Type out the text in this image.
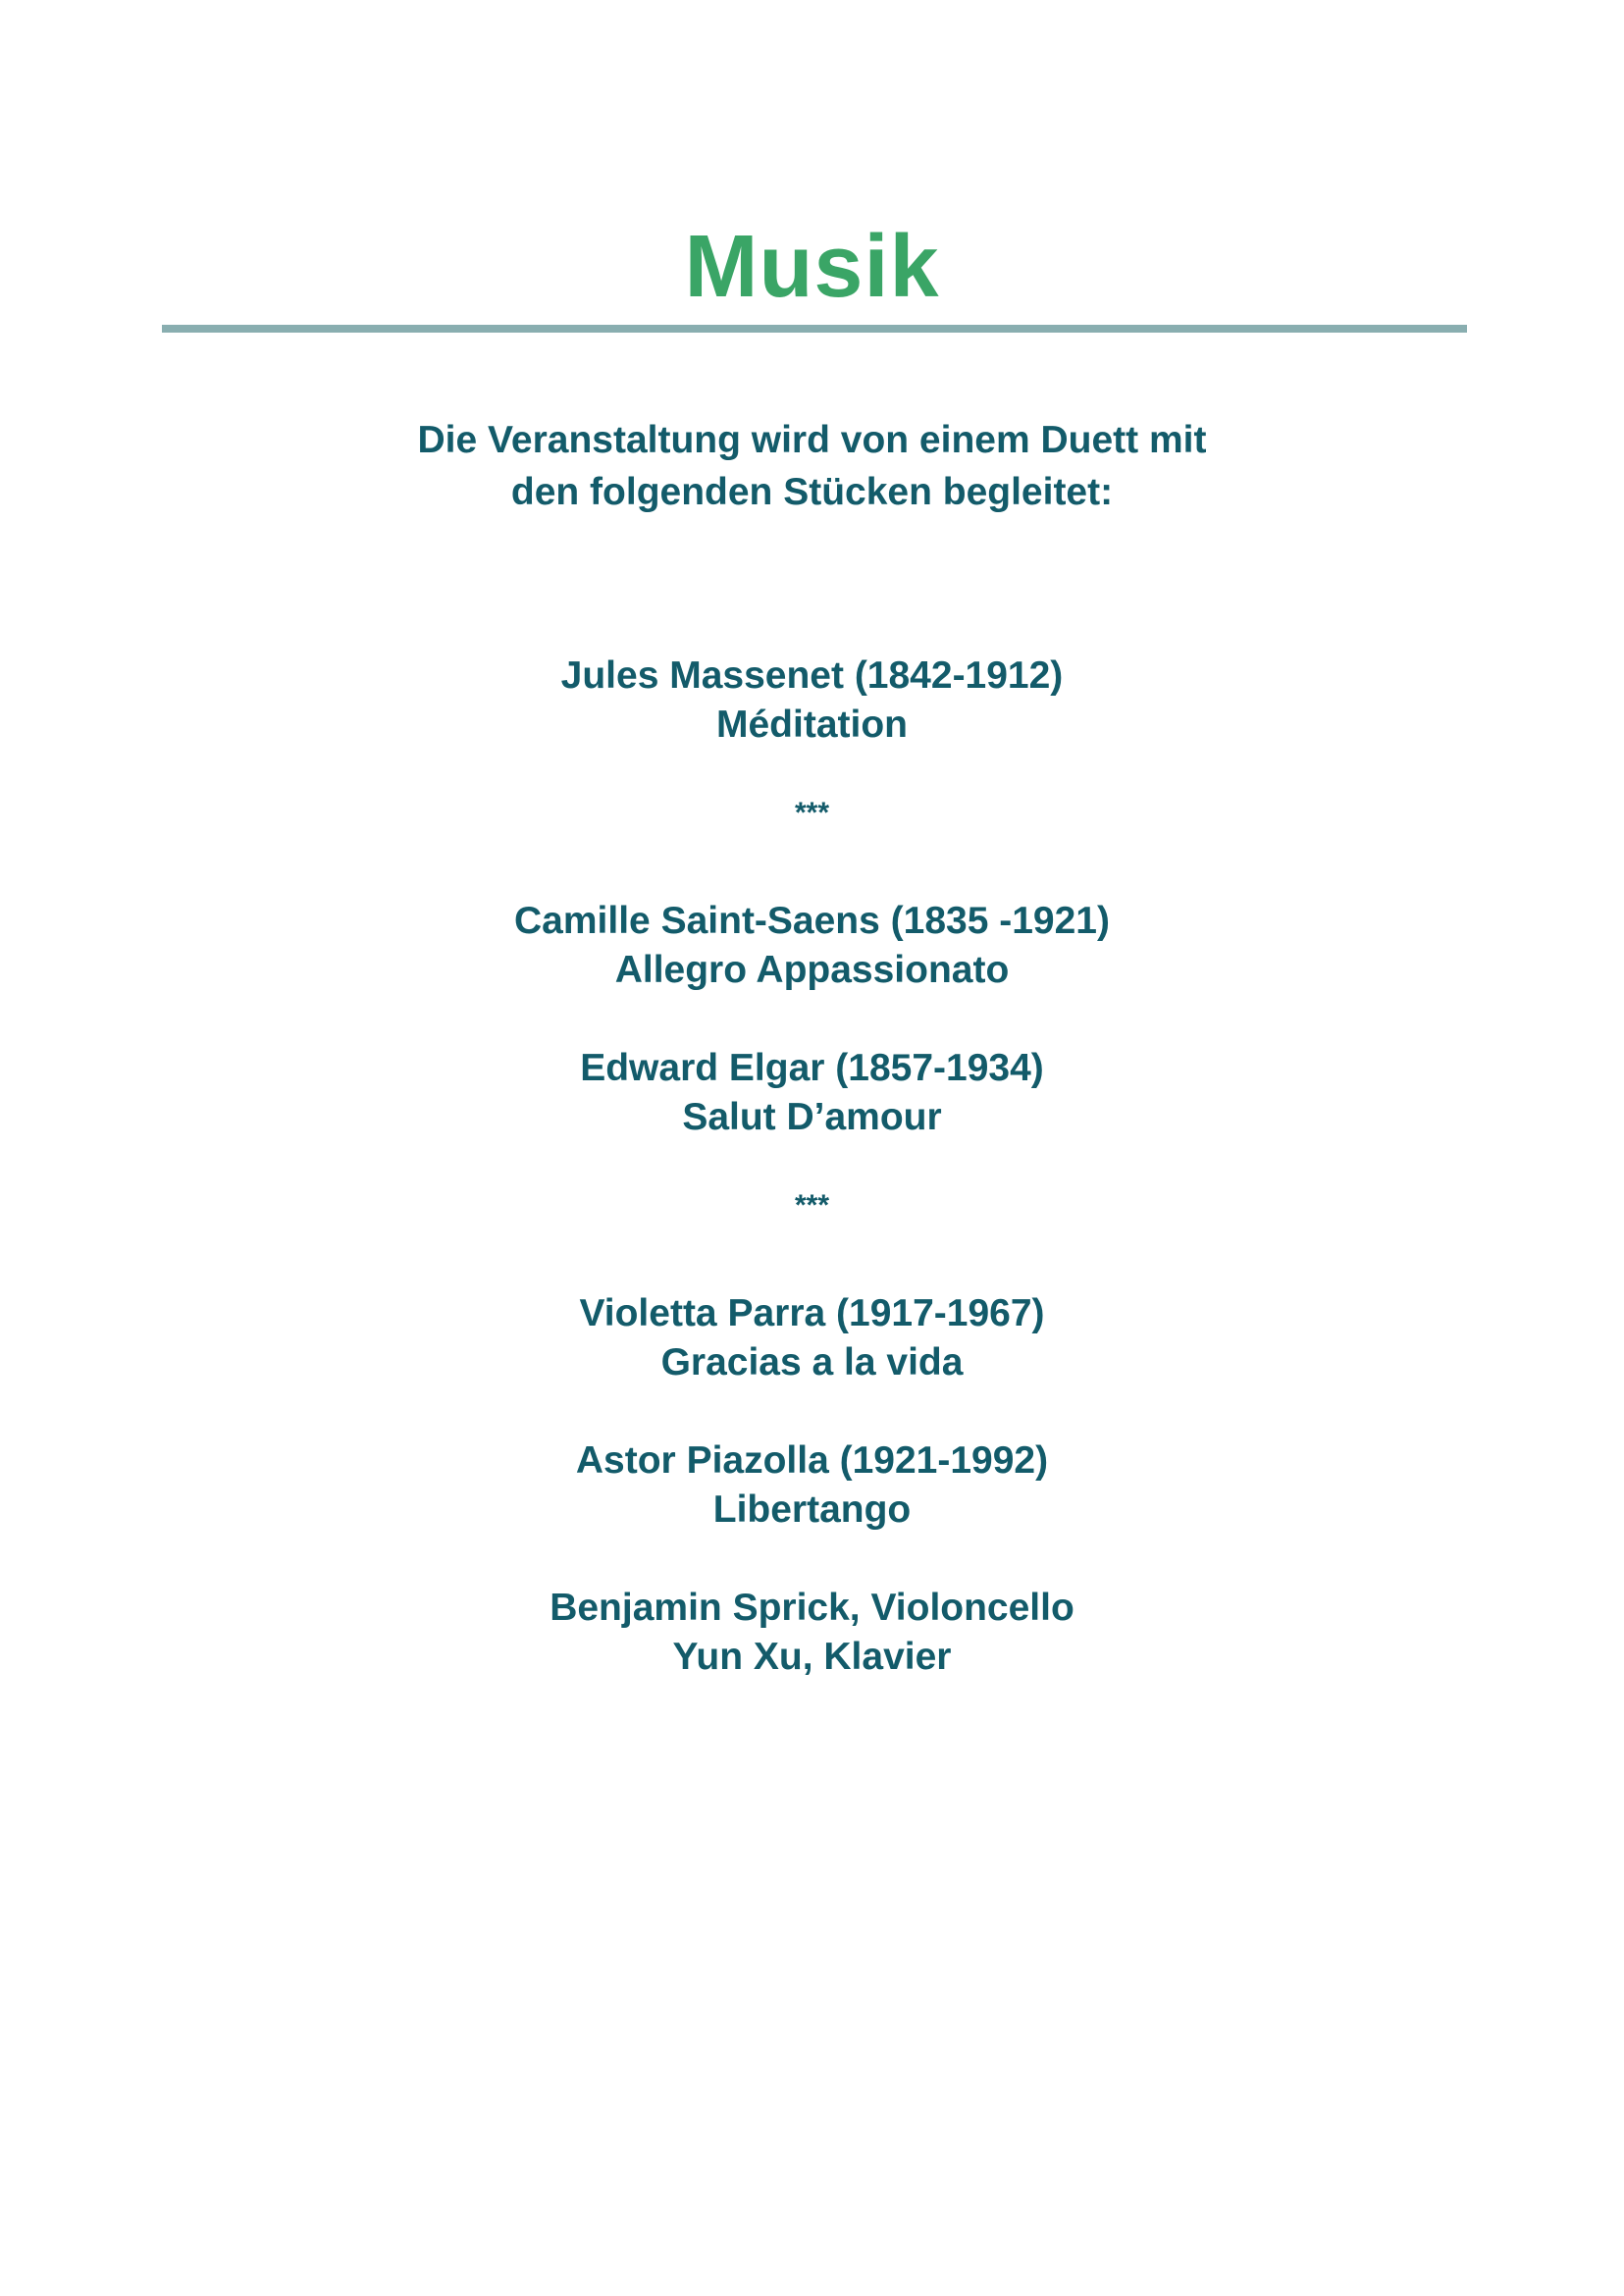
Musik
Die Veranstaltung wird von einem Duett mit
den folgenden Stücken begleitet:
Jules Massenet (1842-1912)
Méditation
***
Camille Saint-Saens (1835 -1921)
Allegro Appassionato
Edward Elgar (1857-1934)
Salut D’amour
***
Violetta Parra (1917-1967)
Gracias a la vida
Astor Piazolla (1921-1992)
Libertango
Benjamin Sprick, Violoncello
Yun Xu, Klavier
